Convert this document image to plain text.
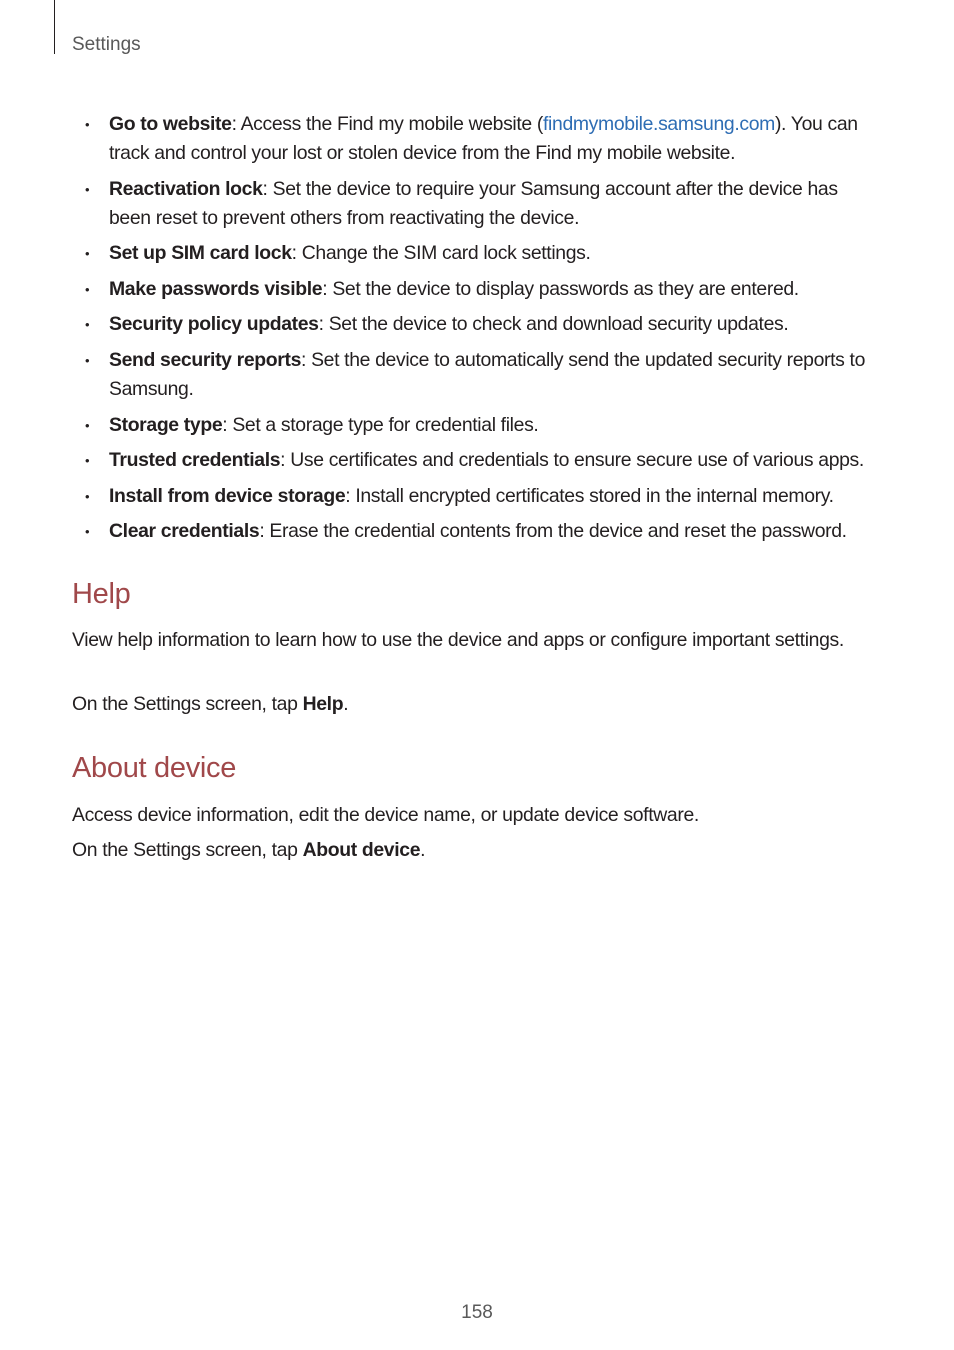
Settings
• Go to website: Access the Find my mobile website (findmymobile.samsung.com). You can track and control your lost or stolen device from the Find my mobile website.
• Reactivation lock: Set the device to require your Samsung account after the device has been reset to prevent others from reactivating the device.
• Set up SIM card lock: Change the SIM card lock settings.
• Make passwords visible: Set the device to display passwords as they are entered.
• Security policy updates: Set the device to check and download security updates.
• Send security reports: Set the device to automatically send the updated security reports to Samsung.
• Storage type: Set a storage type for credential files.
• Trusted credentials: Use certificates and credentials to ensure secure use of various apps.
• Install from device storage: Install encrypted certificates stored in the internal memory.
• Clear credentials: Erase the credential contents from the device and reset the password.
Help

View help information to learn how to use the device and apps or configure important settings.

On the Settings screen, tap Help.

About device

Access device information, edit the device name, or update device software.

On the Settings screen, tap About device.

158
